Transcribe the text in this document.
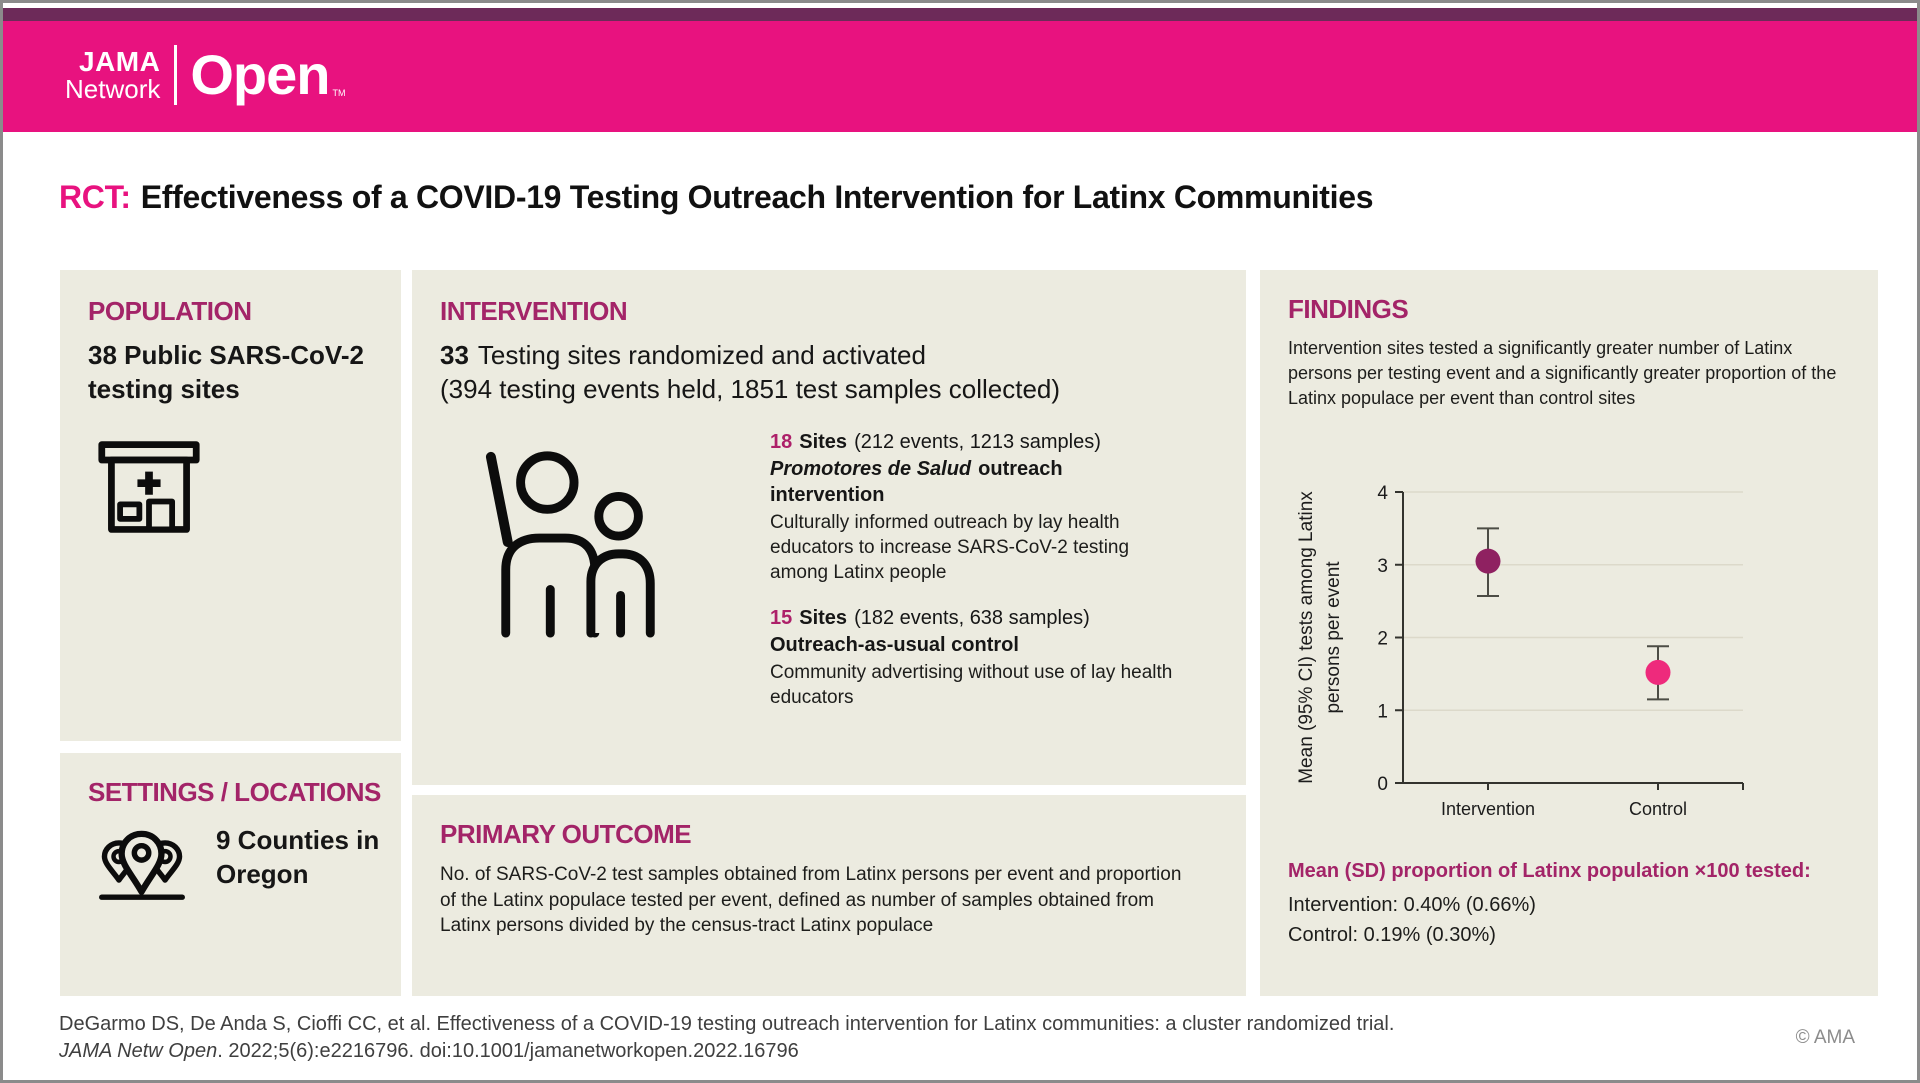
JAMA
Network Open TM
RCT: Effectiveness of a COVID-19 Testing Outreach Intervention for Latinx Communities
POPULATION

38 Public SARS-CoV-2 testing sites

SETTINGS / LOCATIONS

9 Counties in Oregon

INTERVENTION

33 Testing sites randomized and activated

(394 testing events held, 1851 test samples collected)

18 Sites (212 events, 1213 samples)

Promotores de Salud outreach intervention

Culturally informed outreach by lay health educators to increase SARS-CoV-2 testing among Latinx people

15 Sites (182 events, 638 samples)

Outreach-as-usual control

Community advertising without use of lay health educators

PRIMARY OUTCOME

No. of SARS-CoV-2 test samples obtained from Latinx persons per event and proportion of the Latinx populace tested per event, defined as number of samples obtained from Latinx persons divided by the census-tract Latinx populace

FINDINGS

Intervention sites tested a significantly greater number of Latinx persons per testing event and a significantly greater proportion of the Latinx populace per event than control sites

0
1
2
3
4
Intervention	Control
Mean (95% CI) tests among Latinx persons per event

Mean (SD) proportion of Latinx population ×100 tested:

Intervention: 0.40% (0.66%)

Control: 0.19% (0.30%)

DeGarmo DS, De Anda S, Cioffi CC, et al. Effectiveness of a COVID-19 testing outreach intervention for Latinx communities: a cluster randomized trial.

JAMA Netw Open. 2022;5(6):e2216796. doi:10.1001/jamanetworkopen.2022.16796

© AMA
